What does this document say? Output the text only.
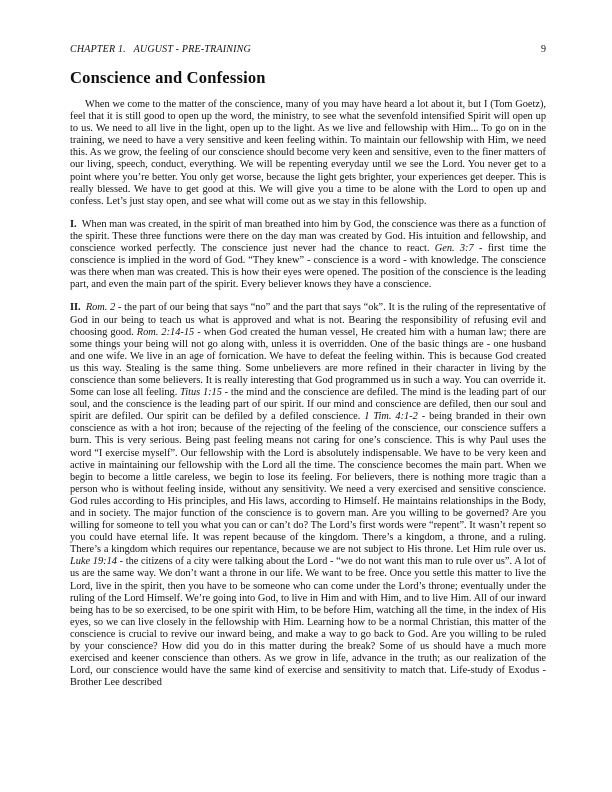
CHAPTER 1.  AUGUST - PRE-TRAINING	9
Conscience and Confession

When we come to the matter of the conscience, many of you may have heard a lot about it, but I (Tom Goetz), feel that it is still good to open up the word, the ministry, to see what the sevenfold intensified Spirit will open up to us. We need to all live in the light, open up to the light. As we live and fellowship with Him... To go on in the training, we need to have a very sensitive and keen feeling within. To maintain our fellowship with Him, we need this. As we grow, the feeling of our conscience should become very keen and sensitive, even to the finer matters of our living, speech, conduct, everything. We will be repenting everyday until we see the Lord. You never get to a point where you’re better. You only get worse, because the light gets brighter, your experiences get deeper. This is really blessed. We have to get good at this. We will give you a time to be alone with the Lord to open up and confess. Let’s just stay open, and see what will come out as we stay in this fellowship.

I. When man was created, in the spirit of man breathed into him by God, the conscience was there as a function of the spirit. These three functions were there on the day man was created by God. His intuition and fellowship, and conscience worked perfectly. The conscience just never had the chance to react. Gen. 3:7 - first time the conscience is implied in the word of God. “They knew” - conscience is a word - with knowledge. The conscience was there when man was created. This is how their eyes were opened. The position of the conscience is the leading part, and even the main part of the spirit. Every believer knows they have a conscience.

II.  Rom. 2 - the part of our being that says “no” and the part that says “ok”. It is the ruling of the representative of God in our being to teach us what is approved and what is not. Bearing the responsibility of refusing evil and choosing good. Rom. 2:14-15 - when God created the human vessel, He created him with a human law; there are some things your being will not go along with, unless it is overridden. One of the basic things are - one husband and one wife. We live in an age of fornication. We have to defeat the feeling within. This is because God created us this way. Stealing is the same thing. Some unbelievers are more refined in their character in living by the conscience than some believers. It is really interesting that God programmed us in such a way. You can override it. Some can lose all feeling. Titus 1:15 - the mind and the conscience are defiled. The mind is the leading part of our soul, and the conscience is the leading part of our spirit. If our mind and conscience are defiled, then our soul and spirit are defiled. Our spirit can be defiled by a defiled conscience. 1 Tim. 4:1-2 - being branded in their own conscience as with a hot iron; because of the rejecting of the feeling of the conscience, our conscience suffers a burn. This is very serious. Being past feeling means not caring for one’s conscience. This is why Paul uses the word “I exercise myself”. Our fellowship with the Lord is absolutely indispensable. We have to be very keen and active in maintaining our fellowship with the Lord all the time. The conscience becomes the main part. When we begin to become a little careless, we begin to lose its feeling. For believers, there is nothing more tragic than a person who is without feeling inside, without any sensitivity. We need a very exercised and sensitive conscience. God rules according to His principles, and His laws, according to Himself. He maintains relationships in the Body, and in society. The major function of the conscience is to govern man. Are you willing to be governed? Are you willing for someone to tell you what you can or can’t do? The Lord’s first words were “repent”. It wasn’t repent so you could have eternal life. It was repent because of the kingdom. There’s a kingdom, a throne, and a ruling. There’s a kingdom which requires our repentance, because we are not subject to His throne. Let Him rule over us. Luke 19:14 - the citizens of a city were talking about the Lord - “we do not want this man to rule over us”. A lot of us are the same way. We don’t want a throne in our life. We want to be free. Once you settle this matter to live the Lord, live in the spirit, then you have to be someone who can come under the Lord’s throne; eventually under the ruling of the Lord Himself. We’re going into God, to live in Him and with Him, and to live Him. All of our inward being has to be so exercised, to be one spirit with Him, to be before Him, watching all the time, in the index of His eyes, so we can live closely in the fellowship with Him. Learning how to be a normal Christian, this matter of the conscience is crucial to revive our inward being, and make a way to go back to God. Are you willing to be ruled by your conscience? How did you do in this matter during the break? Some of us should have a much more exercised and keener conscience than others. As we grow in life, advance in the truth; as our realization of the Lord, our conscience would have the same kind of exercise and sensitivity to match that. Life-study of Exodus - Brother Lee described
